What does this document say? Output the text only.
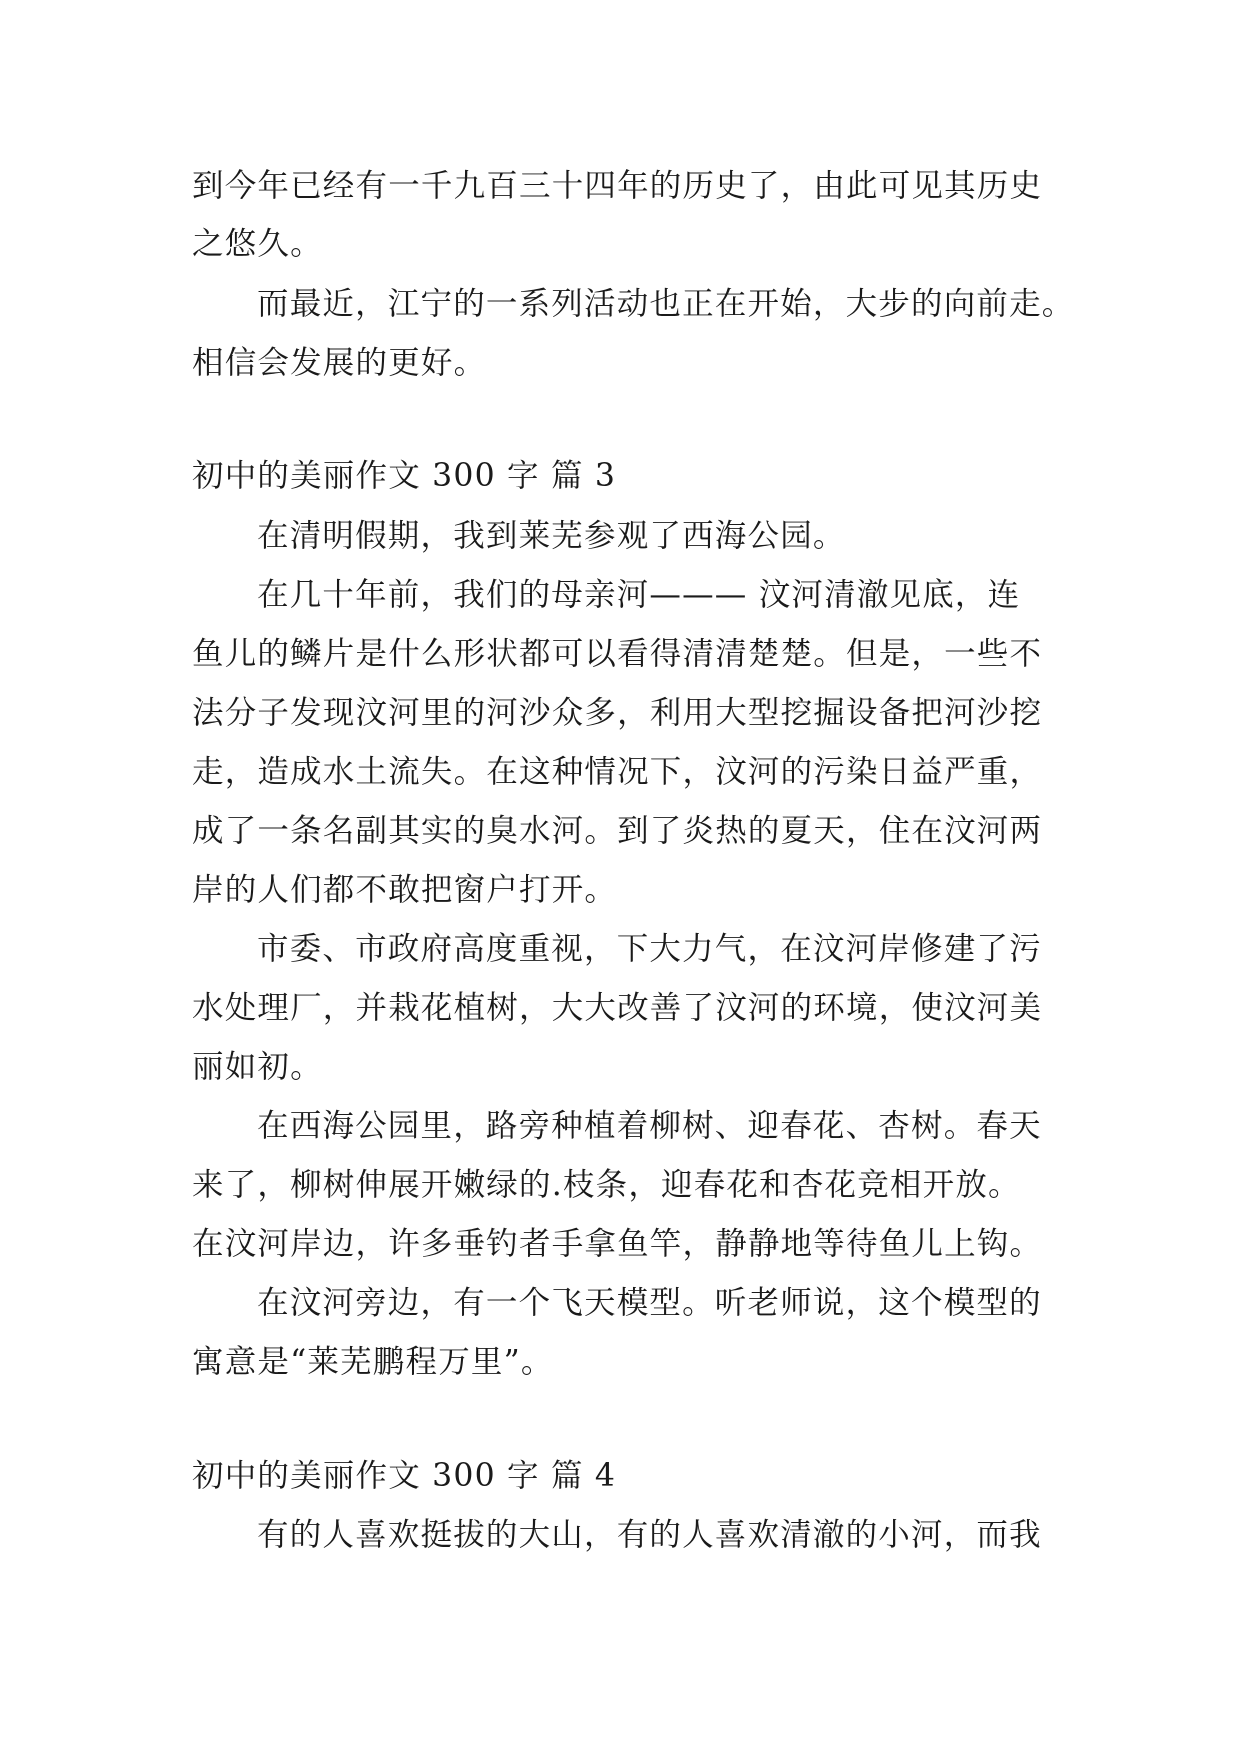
到今年已经有一千九百三十四年的历史了，由此可见其历史
之悠久。
而最近，江宁的一系列活动也正在开始，大步的向前走。
相信会发展的更好。
初中的美丽作文 300 字 篇 3
在清明假期，我到莱芜参观了西海公园。
在几十年前，我们的母亲河——— 汶河清澈见底，连
鱼儿的鳞片是什么形状都可以看得清清楚楚。但是，一些不
法分子发现汶河里的河沙众多，利用大型挖掘设备把河沙挖
走，造成水土流失。在这种情况下，汶河的污染日益严重，
成了一条名副其实的臭水河。到了炎热的夏天，住在汶河两
岸的人们都不敢把窗户打开。
市委、市政府高度重视，下大力气，在汶河岸修建了污
水处理厂，并栽花植树，大大改善了汶河的环境，使汶河美
丽如初。
在西海公园里，路旁种植着柳树、迎春花、杏树。春天
来了，柳树伸展开嫩绿的.枝条，迎春花和杏花竞相开放。
在汶河岸边，许多垂钓者手拿鱼竿，静静地等待鱼儿上钩。
在汶河旁边，有一个飞天模型。听老师说，这个模型的
寓意是“莱芜鹏程万里”。
初中的美丽作文 300 字 篇 4
有的人喜欢挺拔的大山，有的人喜欢清澈的小河，而我
